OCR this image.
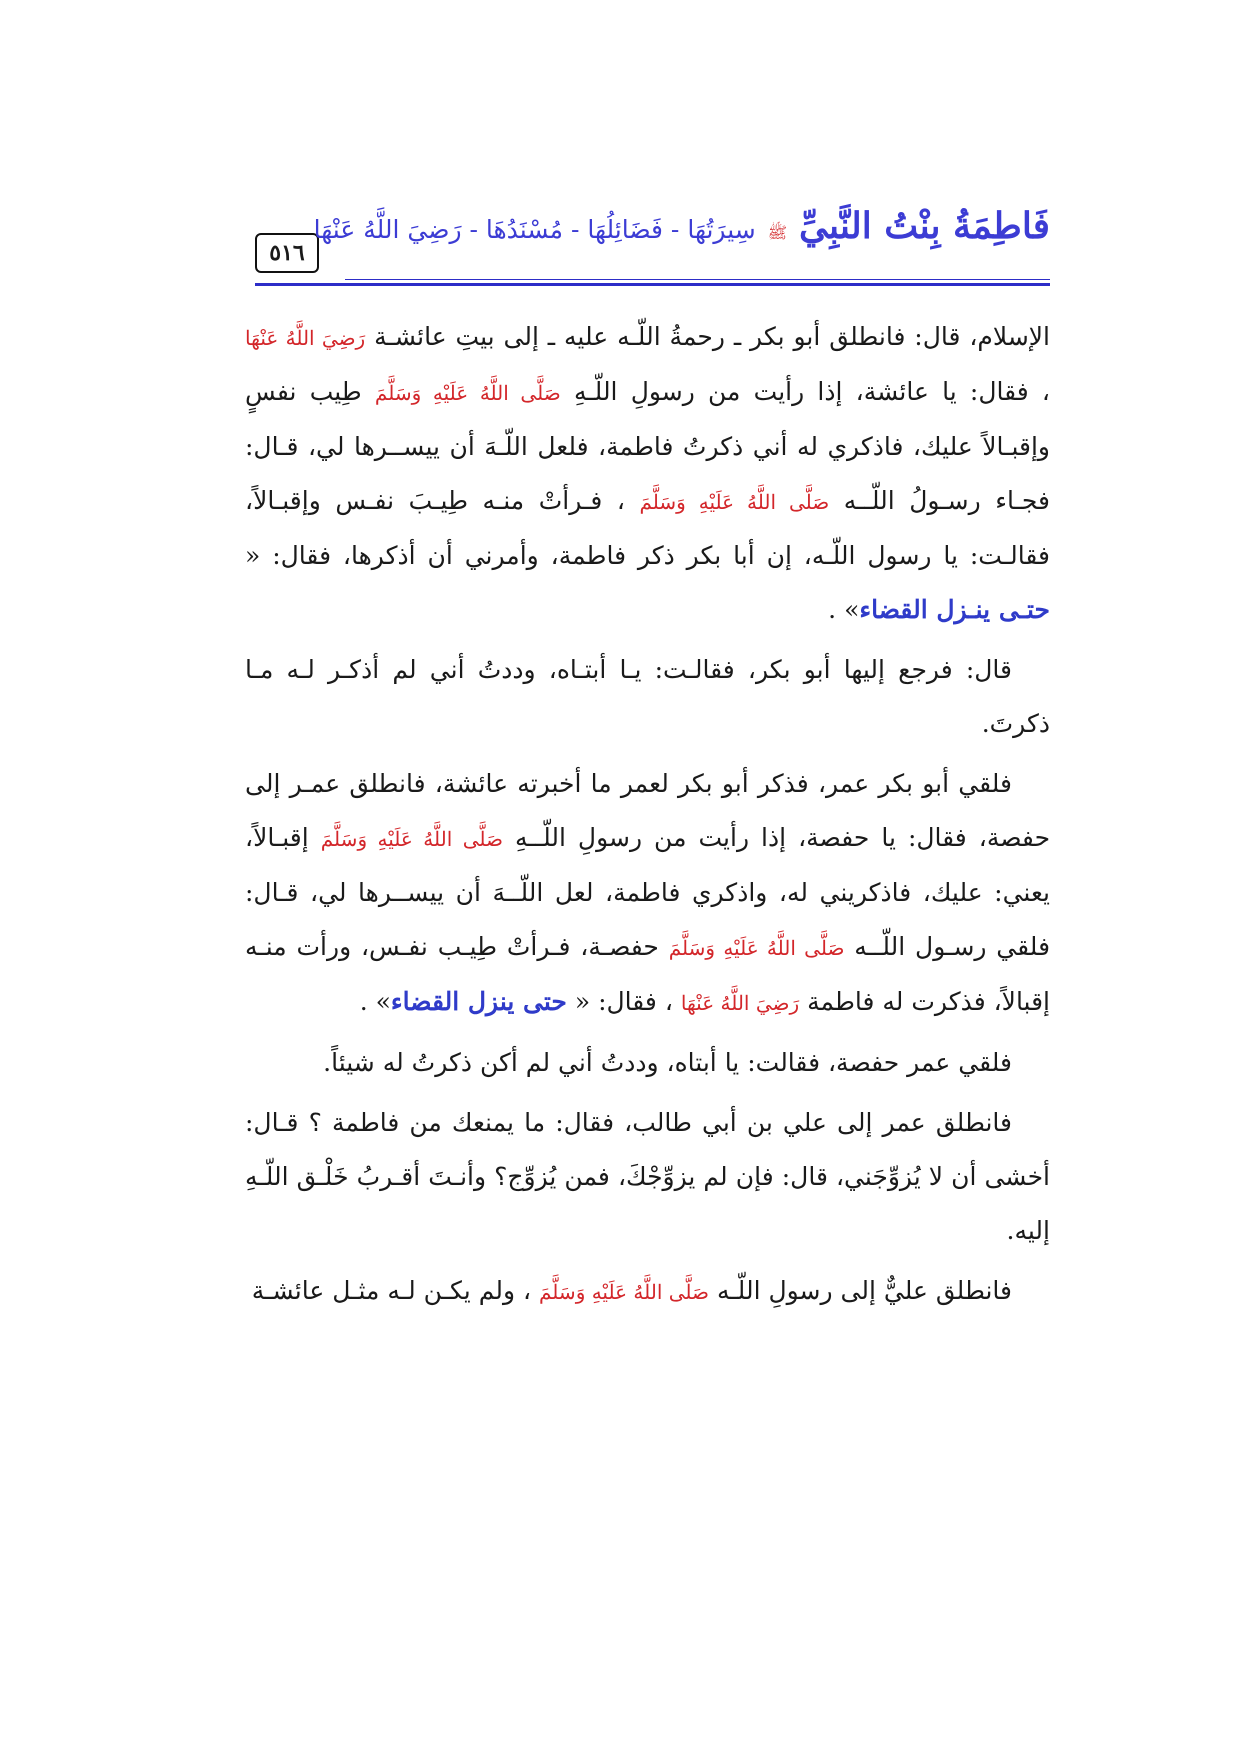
٥١٦
فَاطِمَةُ بِنْتُ النَّبِيِّ
ﷺ
سِيرَتُهَا - فَضَائِلُهَا - مُسْنَدُهَا - رَضِيَ اللَّهُ عَنْهَا

الإسلام، قال: فانطلق أبو بكر ـ رحمةُ اللّـه عليه ـ إلى بيتِ عائشـة رَضِيَ اللَّهُ عَنْهَا ، فقال: يا عائشة، إذا رأيت من رسولِ اللّـهِ صَلَّى اللَّهُ عَلَيْهِ وَسَلَّمَ طِيب نفسٍ وإقبـالاً عليك، فاذكري له أني ذكرتُ فاطمة، فلعل اللّـهَ أن ييســرها لي، قـال: فجـاء رسـولُ اللّــه صَلَّى اللَّهُ عَلَيْهِ وَسَلَّمَ ، فـرأتْ منـه طِيـبَ نفـس وإقبـالاً، فقالـت: يا رسول اللّـه، إن أبا بكر ذكر فاطمة، وأمرني أن أذكرها، فقال: « حتـى ينـزل القضاء» .

قال: فرجع إليها أبو بكر، فقالـت: يـا أبتـاه، وددتُ أني لم أذكـر لـه مـا ذكرتَ.

فلقي أبو بكر عمر، فذكر أبو بكر لعمر ما أخبرته عائشة، فانطلق عمـر إلى حفصة، فقال: يا حفصة، إذا رأيت من رسولِ اللّــهِ صَلَّى اللَّهُ عَلَيْهِ وَسَلَّمَ إقبـالاً، يعني: عليك، فاذكريني له، واذكري فاطمة، لعل اللّــهَ أن ييســرها لي، قـال: فلقي رسـول اللّــه صَلَّى اللَّهُ عَلَيْهِ وَسَلَّمَ حفصـة، فـرأتْ طِيـب نفـس، ورأت منـه إقبالاً، فذكرت له فاطمة رَضِيَ اللَّهُ عَنْهَا ، فقال: « حتى ينزل القضاء» .

فلقي عمر حفصة، فقالت: يا أبتاه، وددتُ أني لم أكن ذكرتُ له شيئاً.

فانطلق عمر إلى علي بن أبي طالب، فقال: ما يمنعك من فاطمة ؟ قـال: أخشى أن لا يُزوِّجَني، قال: فإن لم يزوِّجْكَ، فمن يُزوِّج؟ وأنـتَ أقـربُ خَلْـق اللّـهِ إليه.

فانطلق عليٌّ إلى رسولِ اللّـه صَلَّى اللَّهُ عَلَيْهِ وَسَلَّمَ ، ولم يكـن لـه مثـل عائشـة
